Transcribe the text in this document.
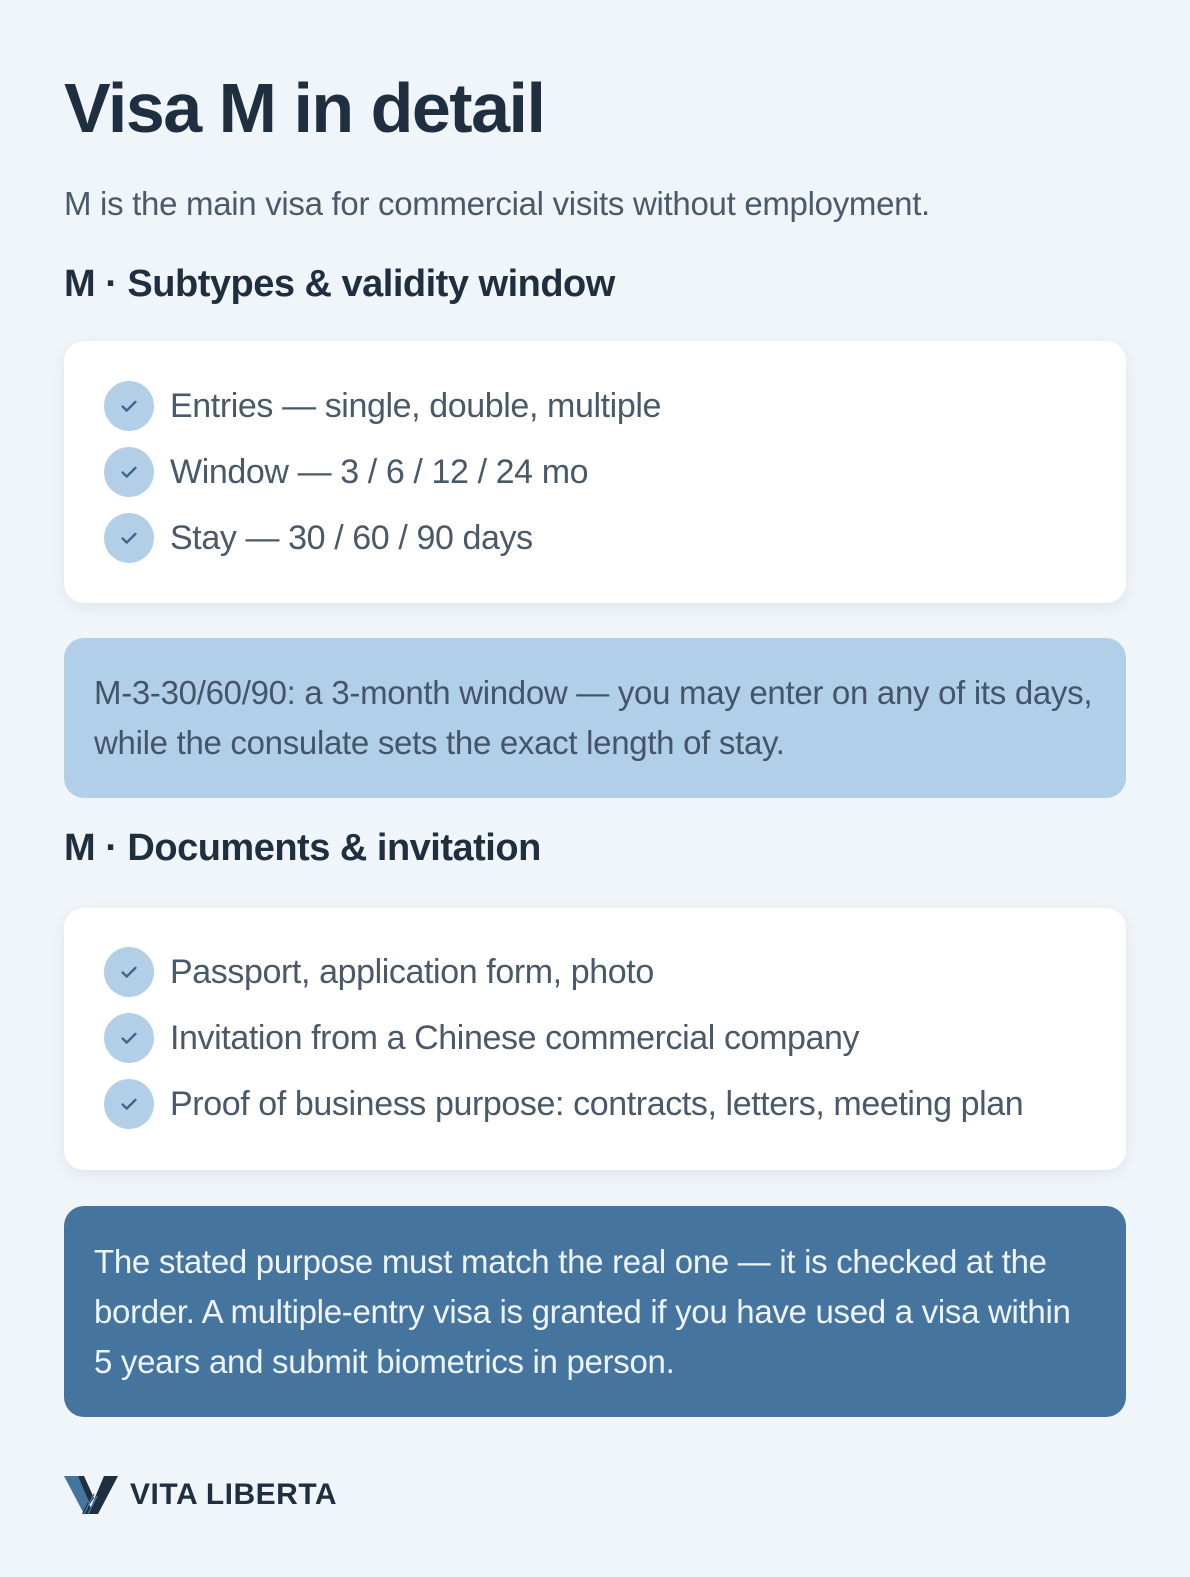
Visa M in detail

M is the main visa for commercial visits without employment.

M · Subtypes & validity window
Entries — single, double, multiple
Window — 3 / 6 / 12 / 24 mo
Stay — 30 / 60 / 90 days
M-3-30/60/90: a 3-month window — you may enter on any of its days, while the consulate sets the exact length of stay.
M · Documents & invitation
Passport, application form, photo
Invitation from a Chinese commercial company
Proof of business purpose: contracts, letters, meeting plan
The stated purpose must match the real one — it is checked at the border. A multiple-entry visa is granted if you have used a visa within 5 years and submit biometrics in person.
VITA LIBERTA
